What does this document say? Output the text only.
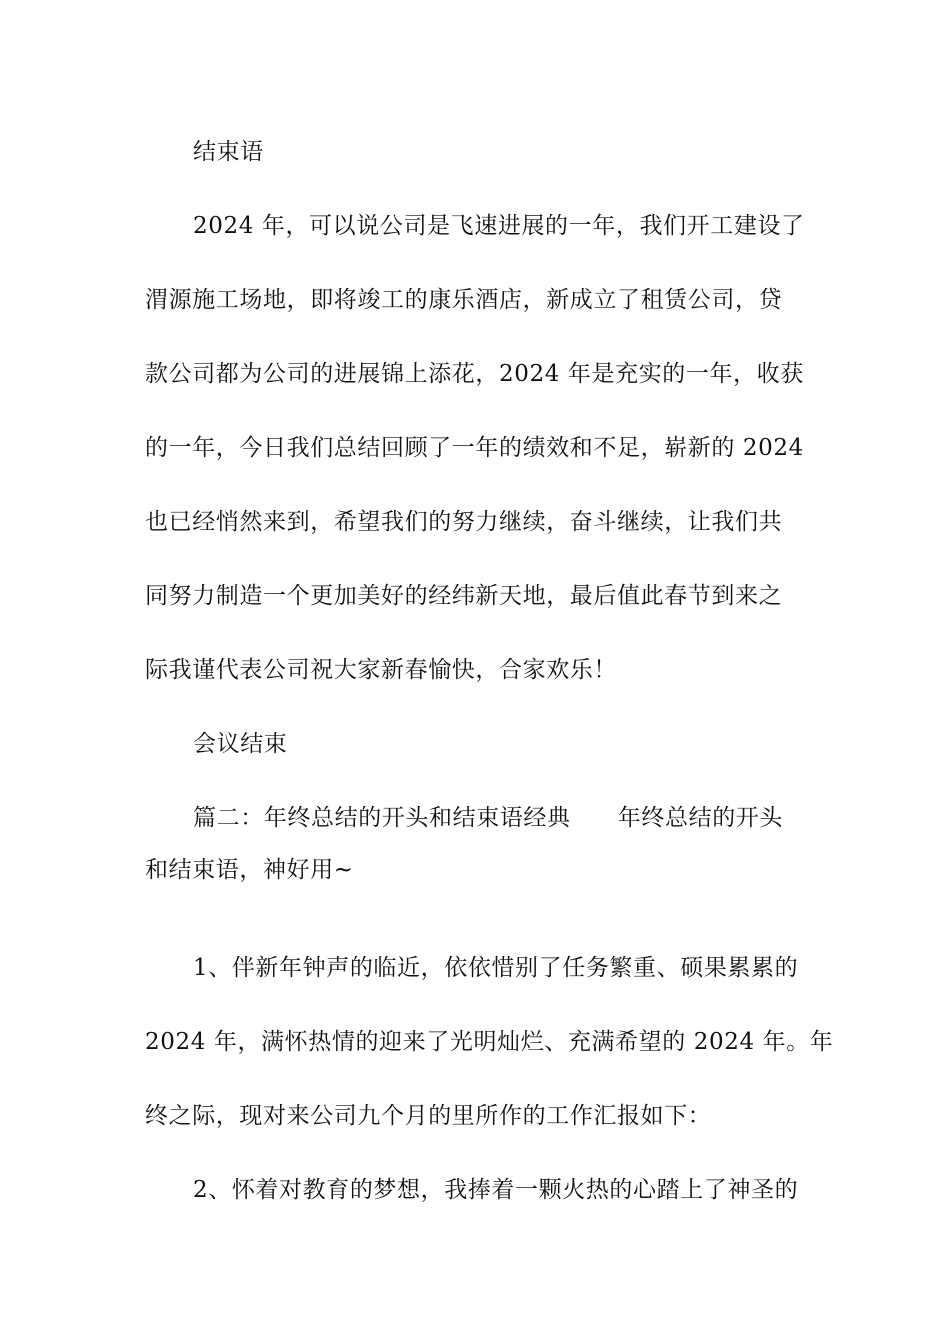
结束语
2024 年，可以说公司是飞速进展的一年，我们开工建设了
渭源施工场地，即将竣工的康乐酒店，新成立了租赁公司，贷
款公司都为公司的进展锦上添花，2024 年是充实的一年，收获
的一年，今日我们总结回顾了一年的绩效和不足，崭新的 2024
也已经悄然来到，希望我们的努力继续，奋斗继续，让我们共
同努力制造一个更加美好的经纬新天地，最后值此春节到来之
际我谨代表公司祝大家新春愉快，合家欢乐！
会议结束
篇二：年终总结的开头和结束语经典　　年终总结的开头
和结束语，神好用~
1、伴新年钟声的临近，依依惜别了任务繁重、硕果累累的
2024 年，满怀热情的迎来了光明灿烂、充满希望的 2024 年。年
终之际，现对来公司九个月的里所作的工作汇报如下：
2、怀着对教育的梦想，我捧着一颗火热的心踏上了神圣的
